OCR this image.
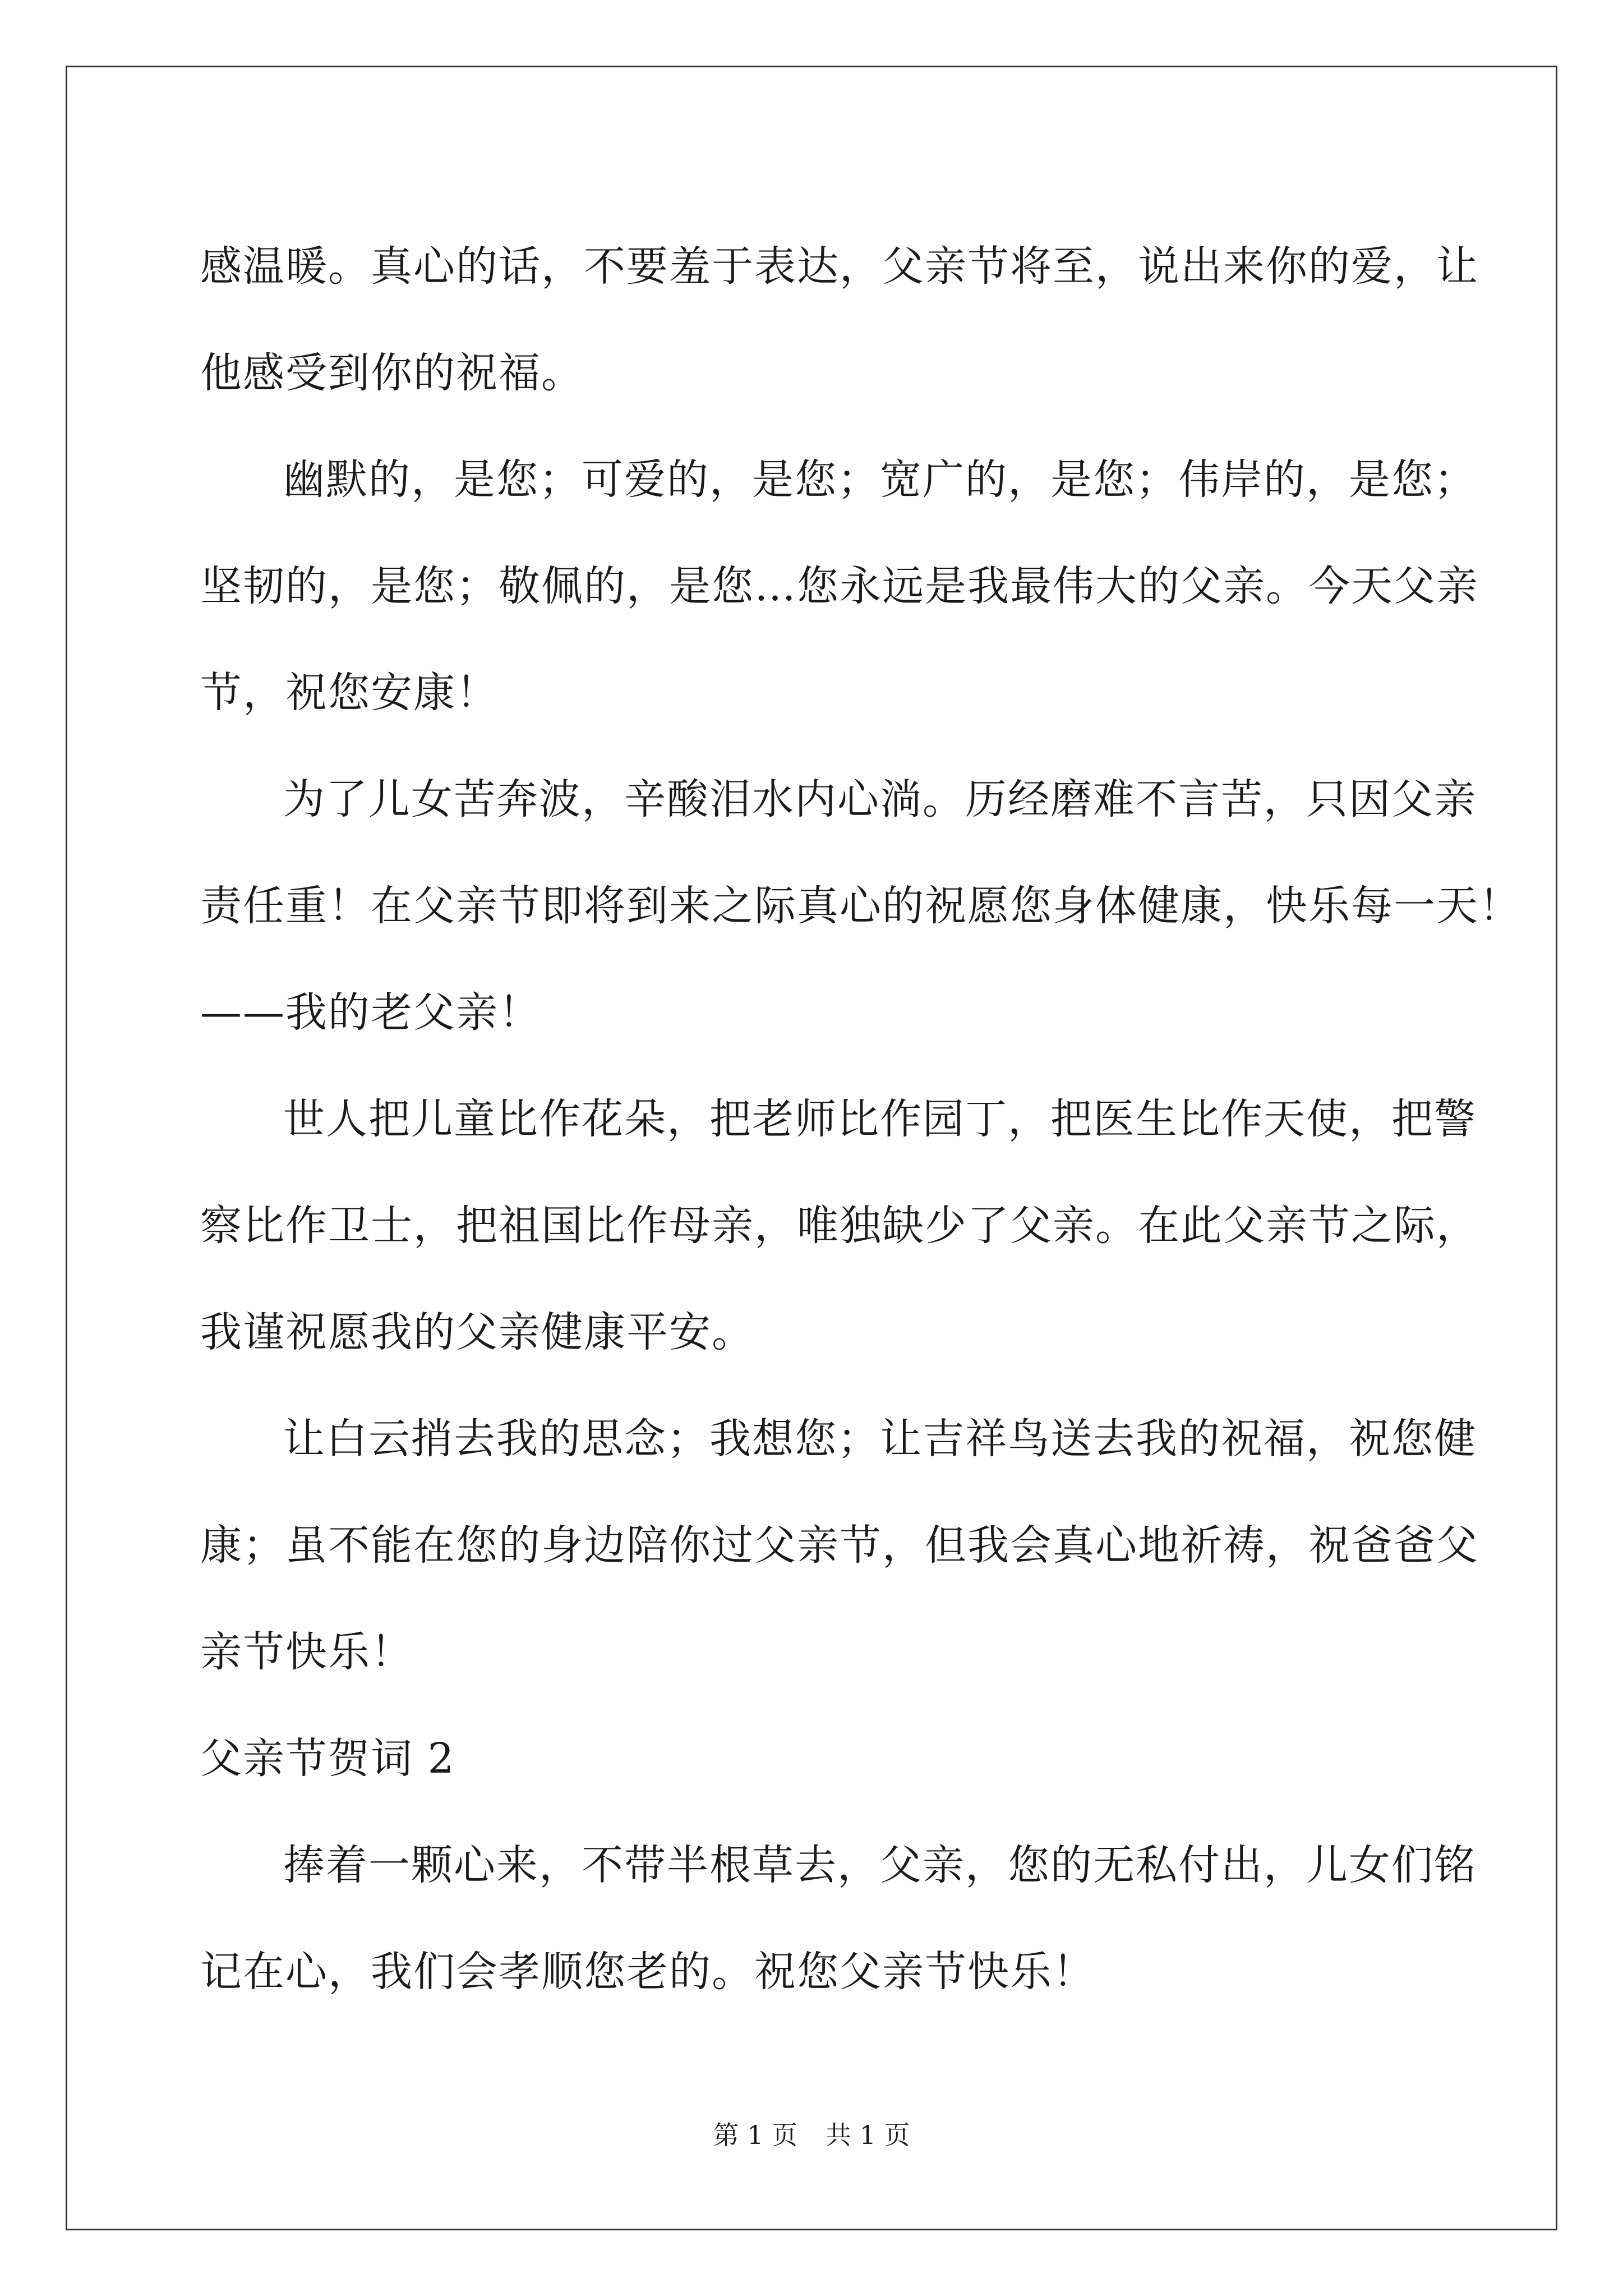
感温暖。真心的话，不要羞于表达，父亲节将至，说出来你的爱，让
他感受到你的祝福。
幽默的，是您；可爱的，是您；宽广的，是您；伟岸的，是您；
坚韧的，是您；敬佩的，是您…您永远是我最伟大的父亲。今天父亲
节，祝您安康！
为了儿女苦奔波，辛酸泪水内心淌。历经磨难不言苦，只因父亲
责任重！在父亲节即将到来之际真心的祝愿您身体健康，快乐每一天！
——我的老父亲！
世人把儿童比作花朵，把老师比作园丁，把医生比作天使，把警
察比作卫士，把祖国比作母亲，唯独缺少了父亲。在此父亲节之际，
我谨祝愿我的父亲健康平安。
让白云捎去我的思念；我想您；让吉祥鸟送去我的祝福，祝您健
康；虽不能在您的身边陪你过父亲节，但我会真心地祈祷，祝爸爸父
亲节快乐！
父亲节贺词 2
捧着一颗心来，不带半根草去，父亲，您的无私付出，儿女们铭
记在心，我们会孝顺您老的。祝您父亲节快乐！
第 1 页 共 1 页
